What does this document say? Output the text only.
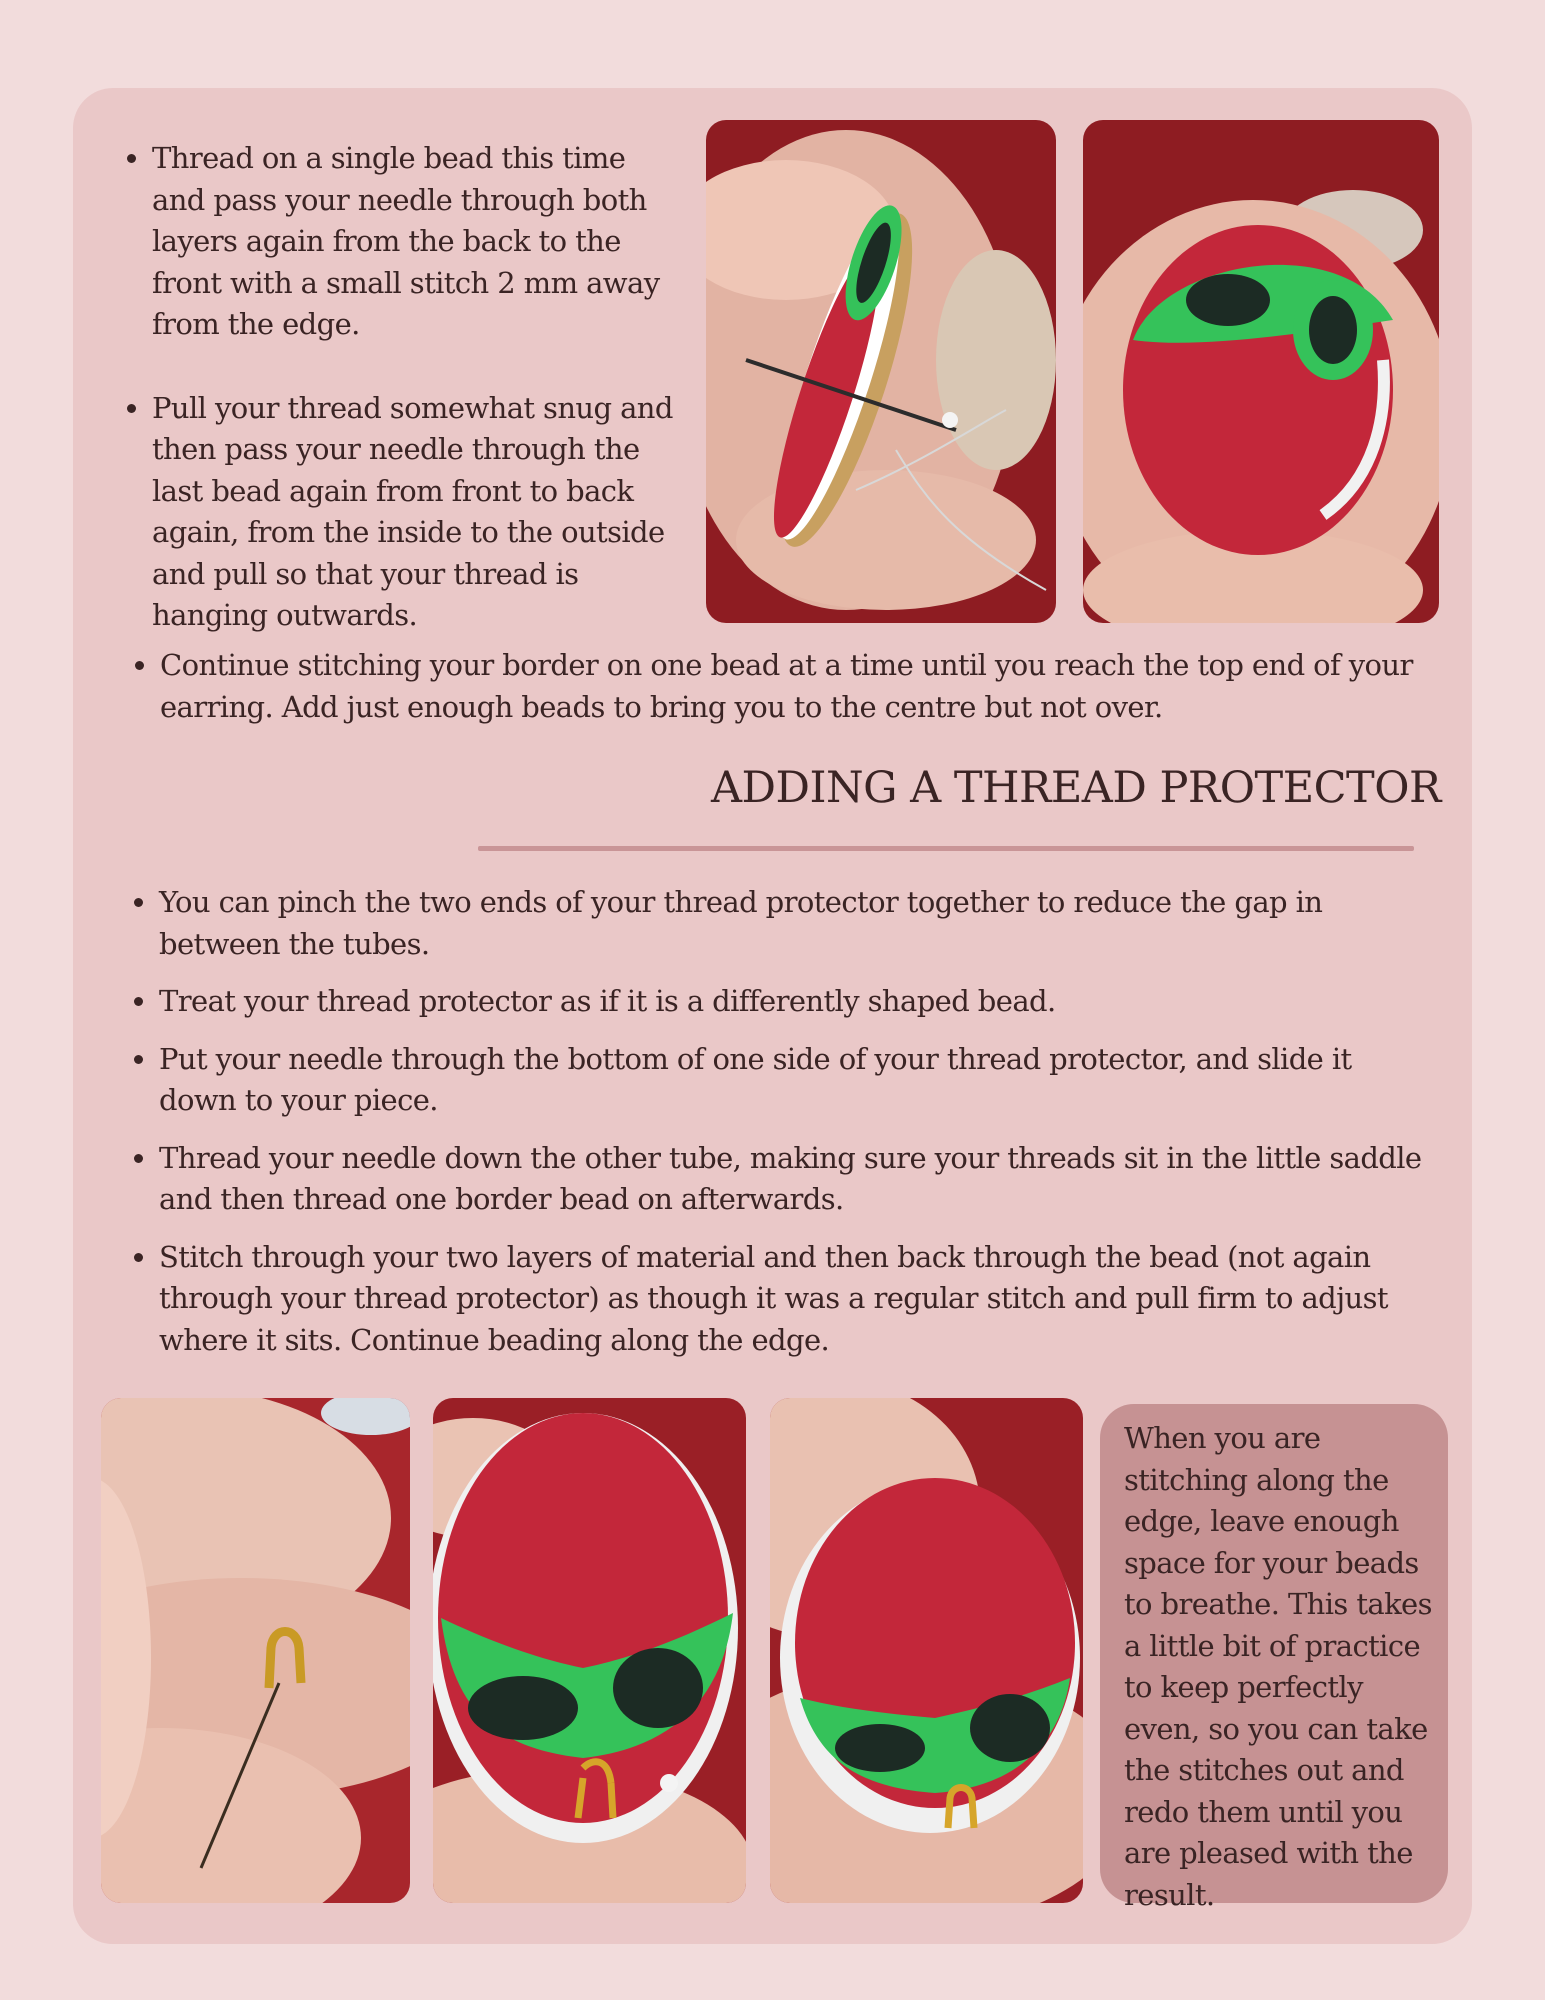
• Thread on a single bead this time and pass your needle through both layers again from the back to the front with a small stitch 2 mm away from the edge.
• Pull your thread somewhat snug and then pass your needle through the last bead again from front to back again, from the inside to the outside and pull so that your thread is hanging outwards.
• Continue stitching your border on one bead at a time until you reach the top end of your earring. Add just enough beads to bring you to the centre but not over.
ADDING A THREAD PROTECTOR
• You can pinch the two ends of your thread protector together to reduce the gap in between the tubes.
• Treat your thread protector as if it is a differently shaped bead.
• Put your needle through the bottom of one side of your thread protector, and slide it down to your piece.
• Thread your needle down the other tube, making sure your threads sit in the little saddle and then thread one border bead on afterwards.
• Stitch through your two layers of material and then back through the bead (not again through your thread protector) as though it was a regular stitch and pull firm to adjust where it sits. Continue beading along the edge.

When you are stitching along the edge, leave enough space for your beads to breathe. This takes a little bit of practice to keep perfectly even, so you can take the stitches out and redo them until you are pleased with the result.
